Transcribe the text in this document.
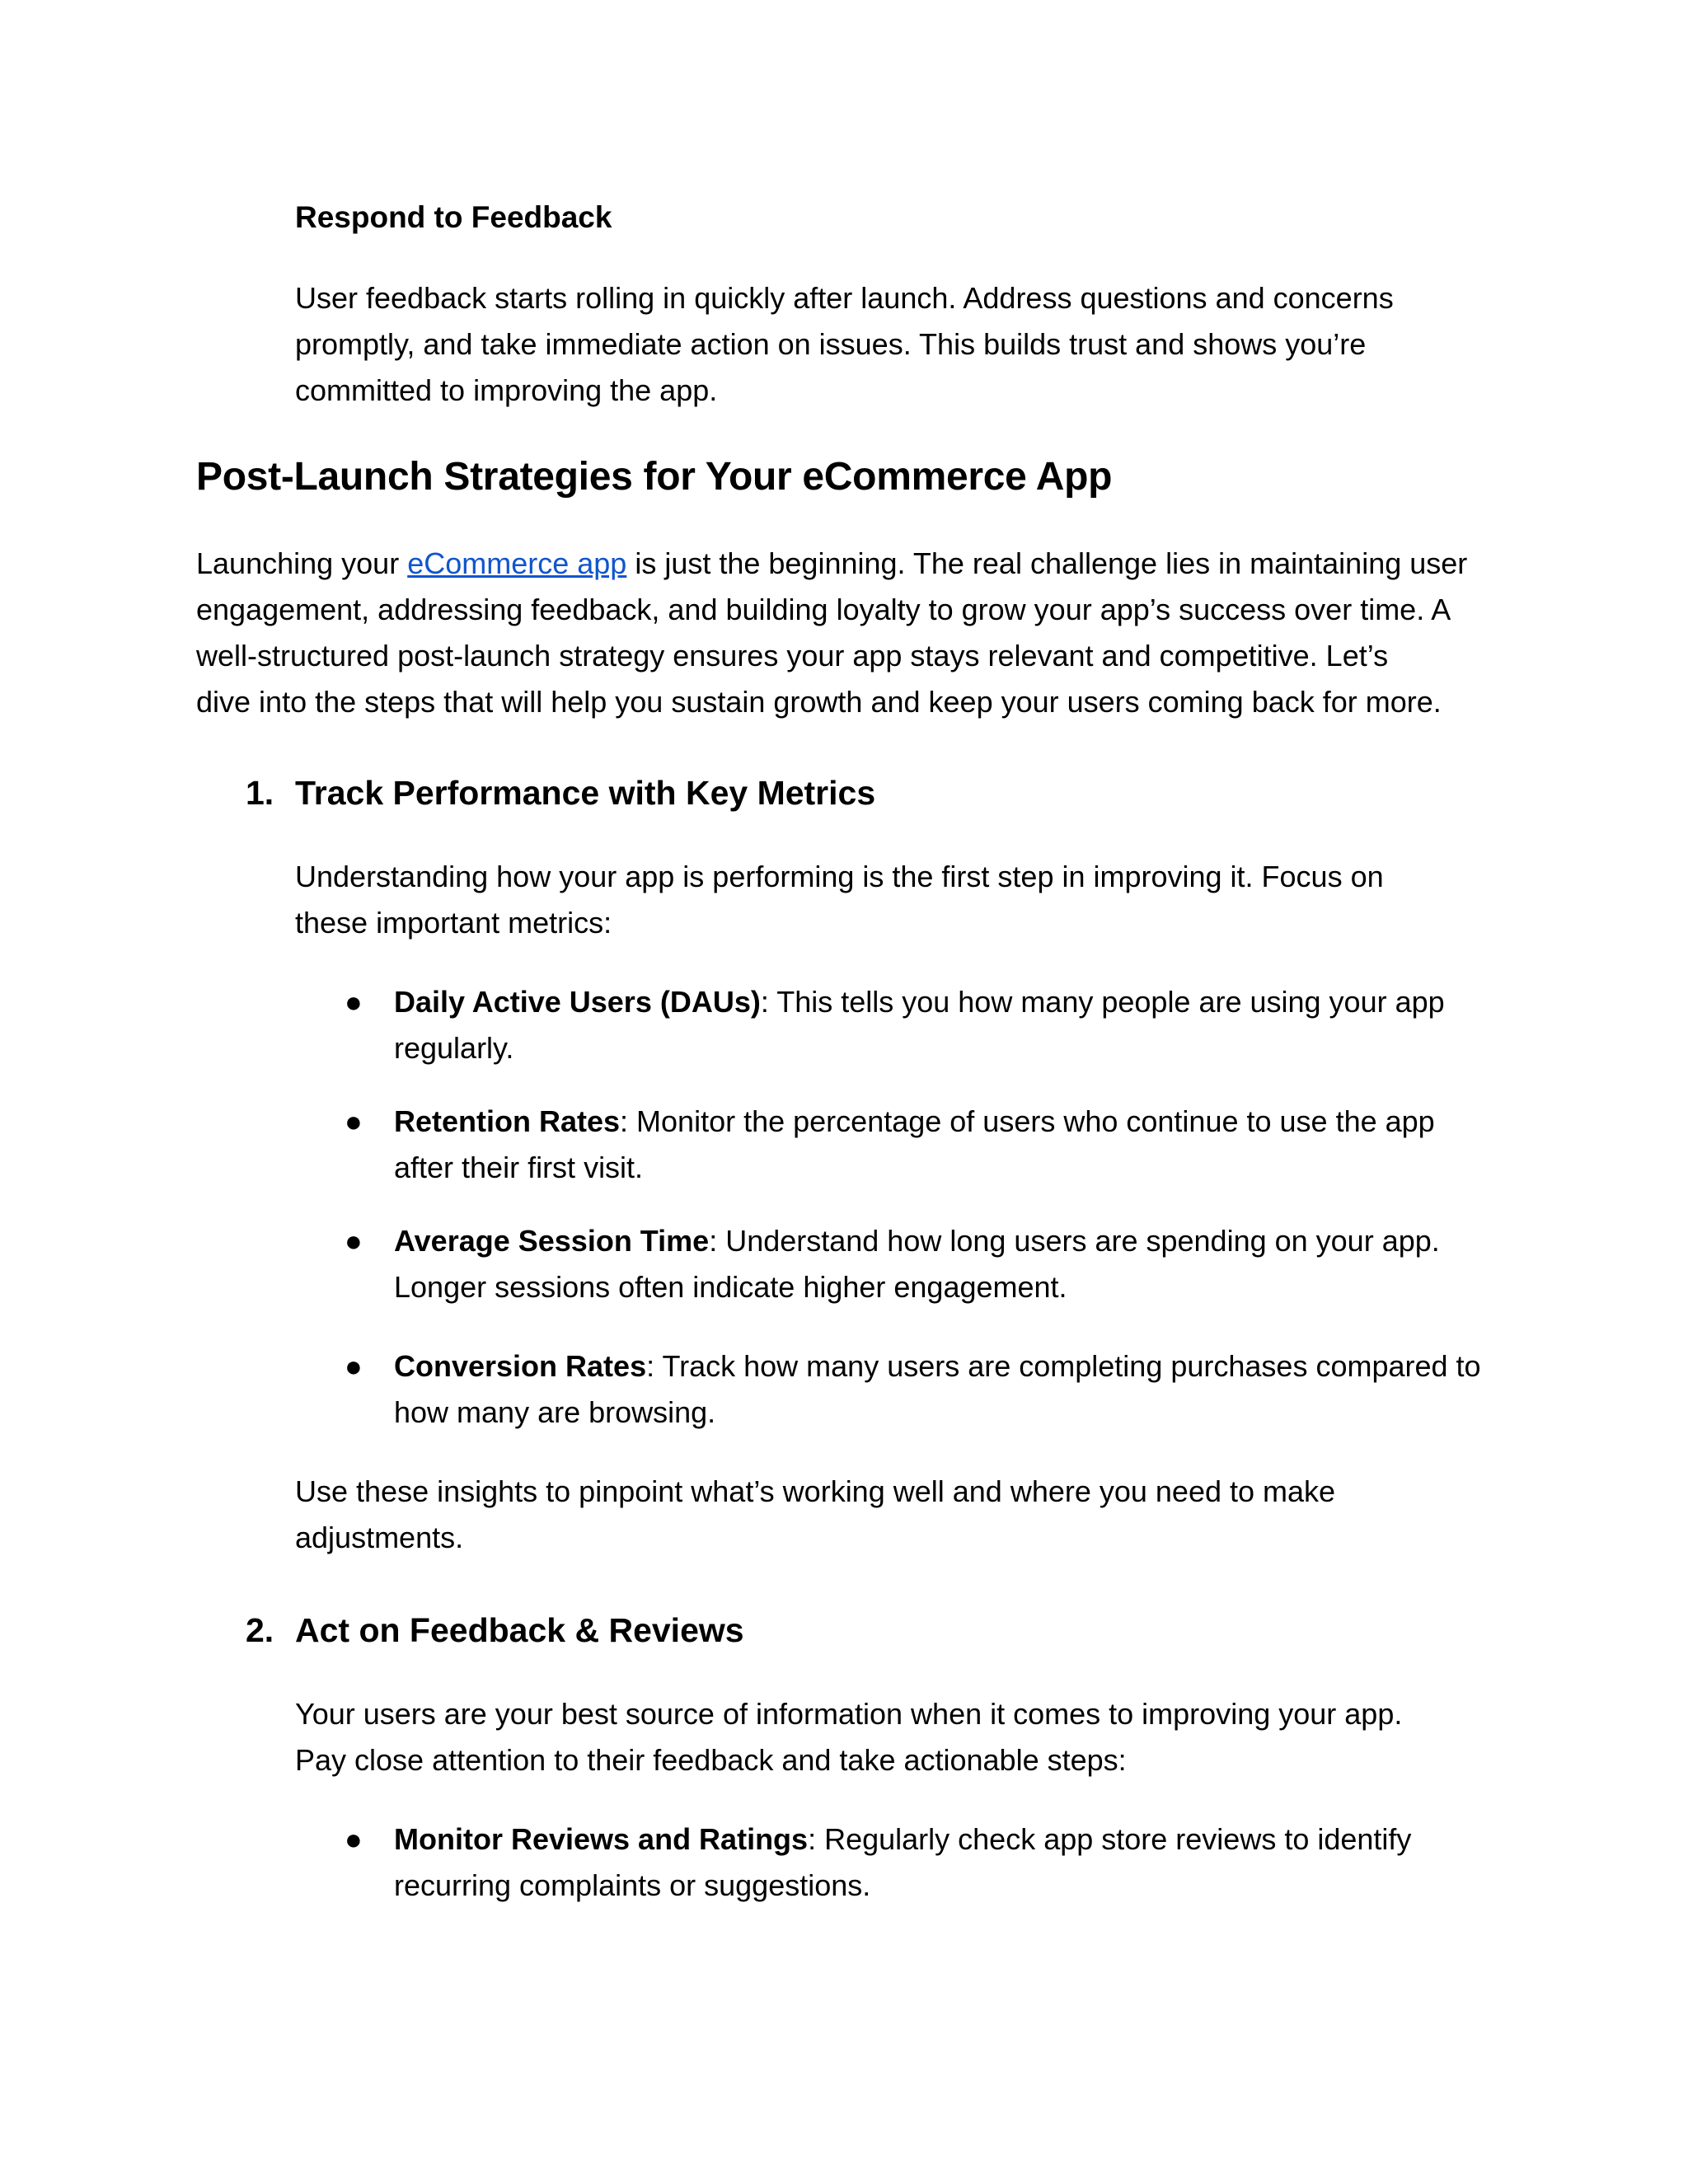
Respond to Feedback

User feedback starts rolling in quickly after launch. Address questions and concerns

promptly, and take immediate action on issues. This builds trust and shows you’re

committed to improving the app.

Post-Launch Strategies for Your eCommerce App

Launching your eCommerce app is just the beginning. The real challenge lies in maintaining user

engagement, addressing feedback, and building loyalty to grow your app’s success over time. A

well-structured post-launch strategy ensures your app stays relevant and competitive. Let’s

dive into the steps that will help you sustain growth and keep your users coming back for more.

1. Track Performance with Key Metrics

Understanding how your app is performing is the first step in improving it. Focus on

these important metrics:

● Daily Active Users (DAUs): This tells you how many people are using your app

regularly.

● Retention Rates: Monitor the percentage of users who continue to use the app

after their first visit.

● Average Session Time: Understand how long users are spending on your app.

Longer sessions often indicate higher engagement.

● Conversion Rates: Track how many users are completing purchases compared to

how many are browsing.

Use these insights to pinpoint what’s working well and where you need to make

adjustments.

2. Act on Feedback & Reviews

Your users are your best source of information when it comes to improving your app.

Pay close attention to their feedback and take actionable steps:

● Monitor Reviews and Ratings: Regularly check app store reviews to identify

recurring complaints or suggestions.
